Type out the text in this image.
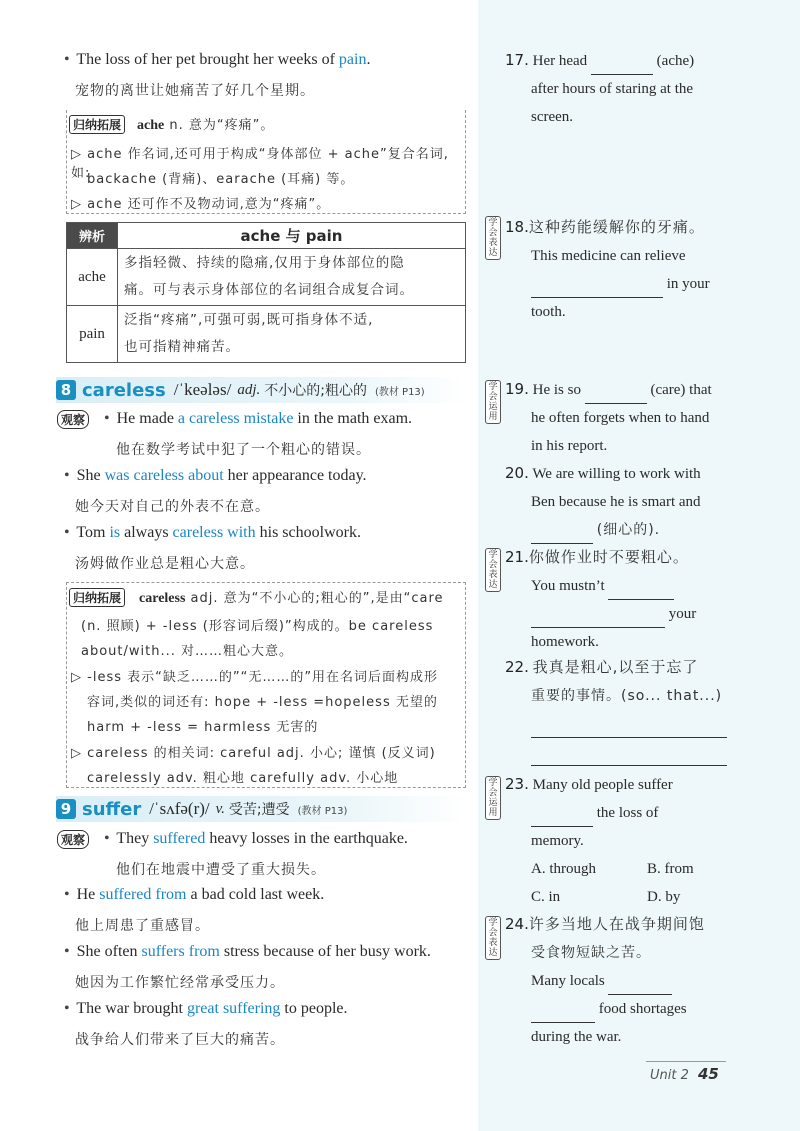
• The loss of her pet brought her weeks of pain.
宠物的离世让她痛苦了好几个星期。
归纳拓展 ache n. 意为“疼痛”。
▷ ache 作名词,还可用于构成“身体部位 + ache”复合名词,如:
backache (背痛)、earache (耳痛) 等。
▷ ache 还可作不及物动词,意为“疼痛”。
辨析	ache 与 pain
ache	多指轻微、持续的隐痛,仅用于身体部位的隐
痛。可与表示身体部位的名词组合成复合词。

pain	泛指“疼痛”,可强可弱,既可指身体不适,
也可指精神痛苦。
8 careless /ˈkeələs/ adj. 不小心的;粗心的 (教材 P13)
观察	• He made a careless mistake in the math exam.
他在数学考试中犯了一个粗心的错误。
• She was careless about her appearance today.
她今天对自己的外表不在意。
• Tom is always careless with his schoolwork.
汤姆做作业总是粗心大意。
归纳拓展 careless adj. 意为“不小心的;粗心的”,是由“care
(n. 照顾) + -less (形容词后缀)”构成的。be careless
about/with... 对……粗心大意。
▷ -less 表示“缺乏……的”“无……的”用在名词后面构成形
容词,类似的词还有: hope + -less =hopeless 无望的
harm + -less = harmless 无害的
▷ careless 的相关词: careful adj. 小心; 谨慎 (反义词)
carelessly adv. 粗心地 carefully adv. 小心地
9 suffer /ˈsʌfə(r)/ v. 受苦;遭受 (教材 P13)
观察	• They suffered heavy losses in the earthquake.
他们在地震中遭受了重大损失。
• He suffered from a bad cold last week.
他上周患了重感冒。
• She often suffers from stress because of her busy work.
她因为工作繁忙经常承受压力。
• The war brought great suffering to people.
战争给人们带来了巨大的痛苦。
17. Her head	(ache)
after hours of staring at the
screen.
学会表达
18.这种药能缓解你的牙痛。
This medicine can relieve
in your
tooth.
学会运用
19. He is so	(care) that
he often forgets when to hand
in his report.
20. We are willing to work with
Ben because he is smart and
(细心的).
学会表达
21.你做作业时不要粗心。
You mustn’t
your
homework.
22. 我真是粗心,以至于忘了
重要的事情。(so... that...)
学会运用
23. Many old people suffer
the loss of
memory.
A. through	B. from
C. in	D. by
学会表达
24.许多当地人在战争期间饱
受食物短缺之苦。
Many locals
food shortages
during the war.
Unit 2 45
